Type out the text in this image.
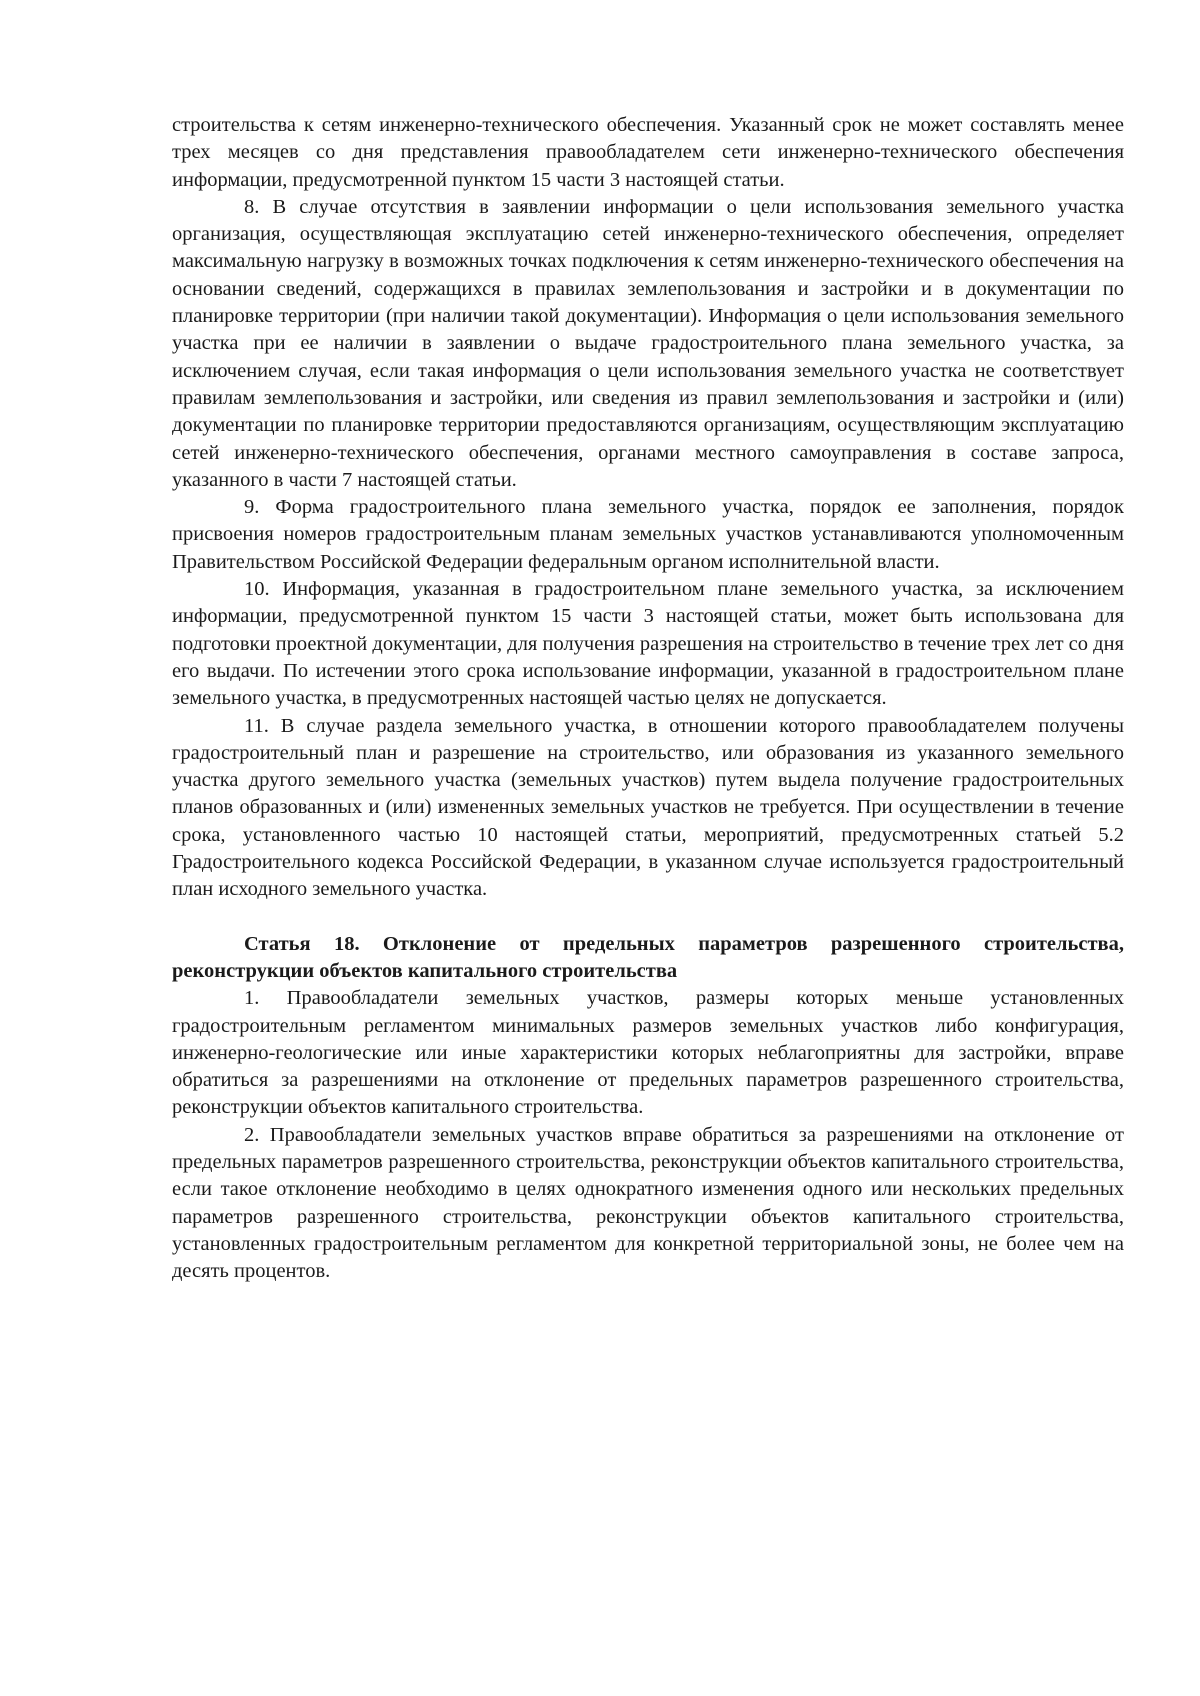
строительства к сетям инженерно-технического обеспечения. Указанный срок не может составлять менее трех месяцев со дня представления правообладателем сети инженерно-технического обеспечения информации, предусмотренной пунктом 15 части 3 настоящей статьи.

8. В случае отсутствия в заявлении информации о цели использования земельного участка организация, осуществляющая эксплуатацию сетей инженерно-технического обеспечения, определяет максимальную нагрузку в возможных точках подключения к сетям инженерно-технического обеспечения на основании сведений, содержащихся в правилах землепользования и застройки и в документации по планировке территории (при наличии такой документации). Информация о цели использования земельного участка при ее наличии в заявлении о выдаче градостроительного плана земельного участка, за исключением случая, если такая информация о цели использования земельного участка не соответствует правилам землепользования и застройки, или сведения из правил землепользования и застройки и (или) документации по планировке территории предоставляются организациям, осуществляющим эксплуатацию сетей инженерно-технического обеспечения, органами местного самоуправления в составе запроса, указанного в части 7 настоящей статьи.

9. Форма градостроительного плана земельного участка, порядок ее заполнения, порядок присвоения номеров градостроительным планам земельных участков устанавливаются уполномоченным Правительством Российской Федерации федеральным органом исполнительной власти.

10. Информация, указанная в градостроительном плане земельного участка, за исключением информации, предусмотренной пунктом 15 части 3 настоящей статьи, может быть использована для подготовки проектной документации, для получения разрешения на строительство в течение трех лет со дня его выдачи. По истечении этого срока использование информации, указанной в градостроительном плане земельного участка, в предусмотренных настоящей частью целях не допускается.

11. В случае раздела земельного участка, в отношении которого правообладателем получены градостроительный план и разрешение на строительство, или образования из указанного земельного участка другого земельного участка (земельных участков) путем выдела получение градостроительных планов образованных и (или) измененных земельных участков не требуется. При осуществлении в течение срока, установленного частью 10 настоящей статьи, мероприятий, предусмотренных статьей 5.2 Градостроительного кодекса Российской Федерации, в указанном случае используется градостроительный план исходного земельного участка.

Статья 18. Отклонение от предельных параметров разрешенного строительства, реконструкции объектов капитального строительства

1. Правообладатели земельных участков, размеры которых меньше установленных градостроительным регламентом минимальных размеров земельных участков либо конфигурация, инженерно-геологические или иные характеристики которых неблагоприятны для застройки, вправе обратиться за разрешениями на отклонение от предельных параметров разрешенного строительства, реконструкции объектов капитального строительства.

2. Правообладатели земельных участков вправе обратиться за разрешениями на отклонение от предельных параметров разрешенного строительства, реконструкции объектов капитального строительства, если такое отклонение необходимо в целях однократного изменения одного или нескольких предельных параметров разрешенного строительства, реконструкции объектов капитального строительства, установленных градостроительным регламентом для конкретной территориальной зоны, не более чем на десять процентов.
